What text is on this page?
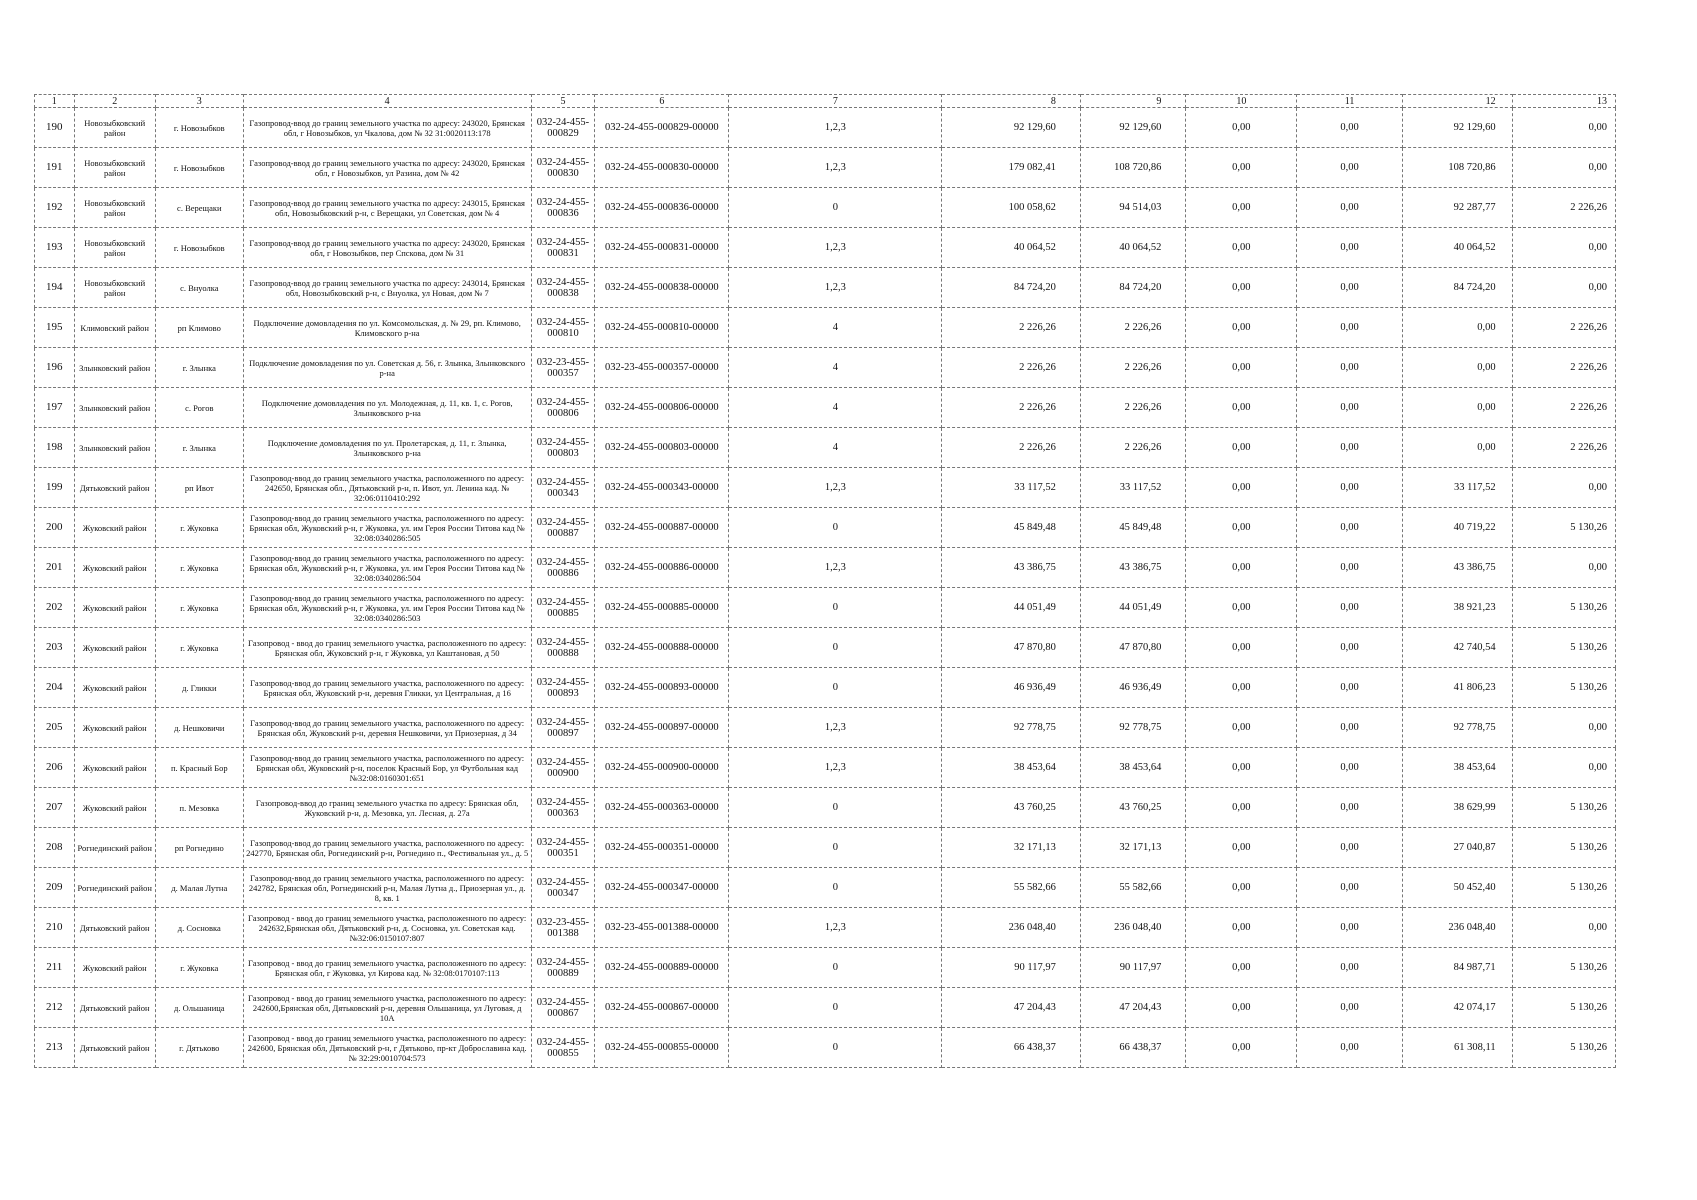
1	2	3	4	5	6	7	8	9	10	11	12	13
190	Новозыбковский район	г. Новозыбков	Газопровод-ввод до границ земельного участка по адресу: 243020, Брянская обл, г Новозыбков, ул Чкалова, дом № 32 31:0020113:178	032-24-455-000829	032-24-455-000829-00000	1,2,3	92 129,60	92 129,60	0,00	0,00	92 129,60	0,00
191	Новозыбковский район	г. Новозыбков	Газопровод-ввод до границ земельного участка по адресу: 243020, Брянская обл, г Новозыбков, ул Разина, дом № 42	032-24-455-000830	032-24-455-000830-00000	1,2,3	179 082,41	108 720,86	0,00	0,00	108 720,86	0,00
192	Новозыбковский район	с. Верещаки	Газопровод-ввод до границ земельного участка по адресу: 243015, Брянская обл, Новозыбковский р-н, с Верещаки, ул Советская, дом № 4	032-24-455-000836	032-24-455-000836-00000	0	100 058,62	94 514,03	0,00	0,00	92 287,77	2 226,26
193	Новозыбковский район	г. Новозыбков	Газопровод-ввод до границ земельного участка по адресу: 243020, Брянская обл, г Новозыбков, пер Спскова, дом № 31	032-24-455-000831	032-24-455-000831-00000	1,2,3	40 064,52	40 064,52	0,00	0,00	40 064,52	0,00
194	Новозыбковский район	с. Внуолка	Газопровод-ввод до границ земельного участка по адресу: 243014, Брянская обл, Новозыбковский р-н, с Внуолка, ул Новая, дом № 7	032-24-455-000838	032-24-455-000838-00000	1,2,3	84 724,20	84 724,20	0,00	0,00	84 724,20	0,00
195	Климовский район	рп Климово	Подключение домовладения по ул. Комсомольская, д. № 29, рп. Климово, Климовского р-на	032-24-455-000810	032-24-455-000810-00000	4	2 226,26	2 226,26	0,00	0,00	0,00	2 226,26
196	Злынковский район	г. Злынка	Подключение домовладения по ул. Советская д. 56, г. Злынка, Злынковского р-на	032-23-455-000357	032-23-455-000357-00000	4	2 226,26	2 226,26	0,00	0,00	0,00	2 226,26
197	Злынковский район	с. Рогов	Подключение домовладения по ул. Молодежная, д. 11, кв. 1, с. Рогов, Злынковского р-на	032-24-455-000806	032-24-455-000806-00000	4	2 226,26	2 226,26	0,00	0,00	0,00	2 226,26
198	Злынковский район	г. Злынка	Подключение домовладения по ул. Пролетарская, д. 11, г. Злынка, Злынковского р-на	032-24-455-000803	032-24-455-000803-00000	4	2 226,26	2 226,26	0,00	0,00	0,00	2 226,26
199	Дятьковский район	рп Ивот	Газопровод-ввод до границ земельного участка, расположенного по адресу: 242650, Брянская обл., Дятьковский р-н, п. Ивот, ул. Ленина кад. № 32:06:0110410:292	032-24-455-000343	032-24-455-000343-00000	1,2,3	33 117,52	33 117,52	0,00	0,00	33 117,52	0,00
200	Жуковский район	г. Жуковка	Газопровод-ввод до границ земельного участка, расположенного по адресу: Брянская обл, Жуковский р-н, г Жуковка, ул. им Героя России Титова кад № 32:08:0340286:505	032-24-455-000887	032-24-455-000887-00000	0	45 849,48	45 849,48	0,00	0,00	40 719,22	5 130,26
201	Жуковский район	г. Жуковка	Газопровод-ввод до границ земельного участка, расположенного по адресу: Брянская обл, Жуковский р-н, г Жуковка, ул. им Героя России Титова кад № 32:08:0340286:504	032-24-455-000886	032-24-455-000886-00000	1,2,3	43 386,75	43 386,75	0,00	0,00	43 386,75	0,00
202	Жуковский район	г. Жуковка	Газопровод-ввод до границ земельного участка, расположенного по адресу: Брянская обл, Жуковский р-н, г Жуковка, ул. им Героя России Титова кад № 32:08:0340286:503	032-24-455-000885	032-24-455-000885-00000	0	44 051,49	44 051,49	0,00	0,00	38 921,23	5 130,26
203	Жуковский район	г. Жуковка	Газопровод - ввод до границ земельного участка, расположенного по адресу: Брянская обл, Жуковский р-н, г Жуковка, ул Каштановая, д 50	032-24-455-000888	032-24-455-000888-00000	0	47 870,80	47 870,80	0,00	0,00	42 740,54	5 130,26
204	Жуковский район	д. Гликки	Газопровод-ввод до границ земельного участка, расположенного по адресу: Брянская обл, Жуковский р-н, деревня Гликки, ул Центральная, д 16	032-24-455-000893	032-24-455-000893-00000	0	46 936,49	46 936,49	0,00	0,00	41 806,23	5 130,26
205	Жуковский район	д. Нешковичи	Газопровод-ввод до границ земельного участка, расположенного по адресу: Брянская обл, Жуковский р-н, деревня Нешковичи, ул Приозерная, д 34	032-24-455-000897	032-24-455-000897-00000	1,2,3	92 778,75	92 778,75	0,00	0,00	92 778,75	0,00
206	Жуковский район	п. Красный Бор	Газопровод-ввод до границ земельного участка, расположенного по адресу: Брянская обл, Жуковский р-н, поселок Красный Бор, ул Футбольная кад №32:08:0160301:651	032-24-455-000900	032-24-455-000900-00000	1,2,3	38 453,64	38 453,64	0,00	0,00	38 453,64	0,00
207	Жуковский район	п. Мезовка	Газопровод-ввод до границ земельного участка по адресу: Брянская обл, Жуковский р-н, д. Мезовка, ул. Лесная, д. 27а	032-24-455-000363	032-24-455-000363-00000	0	43 760,25	43 760,25	0,00	0,00	38 629,99	5 130,26
208	Рогнединский район	рп Рогнедино	Газопровод-ввод до границ земельного участка, расположенного по адресу: 242770, Брянская обл, Рогнединский р-н, Рогнедино п., Фестивальная ул., д. 5	032-24-455-000351	032-24-455-000351-00000	0	32 171,13	32 171,13	0,00	0,00	27 040,87	5 130,26
209	Рогнединский район	д. Малая Лутна	Газопровод-ввод до границ земельного участка, расположенного по адресу: 242782, Брянская обл, Рогнединский р-н, Малая Лутна д., Приозерная ул., д. 8, кв. 1	032-24-455-000347	032-24-455-000347-00000	0	55 582,66	55 582,66	0,00	0,00	50 452,40	5 130,26
210	Дятьковский район	д. Сосновка	Газопровод - ввод до границ земельного участка, расположенного по адресу: 242632,Брянская обл, Дятьковский р-н, д. Сосновка, ул. Советская кад. №32:06:0150107:807	032-23-455-001388	032-23-455-001388-00000	1,2,3	236 048,40	236 048,40	0,00	0,00	236 048,40	0,00
211	Жуковский район	г. Жуковка	Газопровод - ввод до границ земельного участка, расположенного по адресу: Брянская обл, г Жуковка, ул Кирова кад. № 32:08:0170107:113	032-24-455-000889	032-24-455-000889-00000	0	90 117,97	90 117,97	0,00	0,00	84 987,71	5 130,26
212	Дятьковский район	д. Ольшаница	Газопровод - ввод до границ земельного участка, расположенного по адресу: 242600,Брянская обл, Дятьковский р-н, деревня Ольшаница, ул Луговая, д 10А	032-24-455-000867	032-24-455-000867-00000	0	47 204,43	47 204,43	0,00	0,00	42 074,17	5 130,26
213	Дятьковский район	г. Дятьково	Газопровод - ввод до границ земельного участка, расположенного по адресу: 242600, Брянская обл, Дятьковский р-н, г Дятьково, пр-кт Доброславина кад. № 32:29:0010704:573	032-24-455-000855	032-24-455-000855-00000	0	66 438,37	66 438,37	0,00	0,00	61 308,11	5 130,26
